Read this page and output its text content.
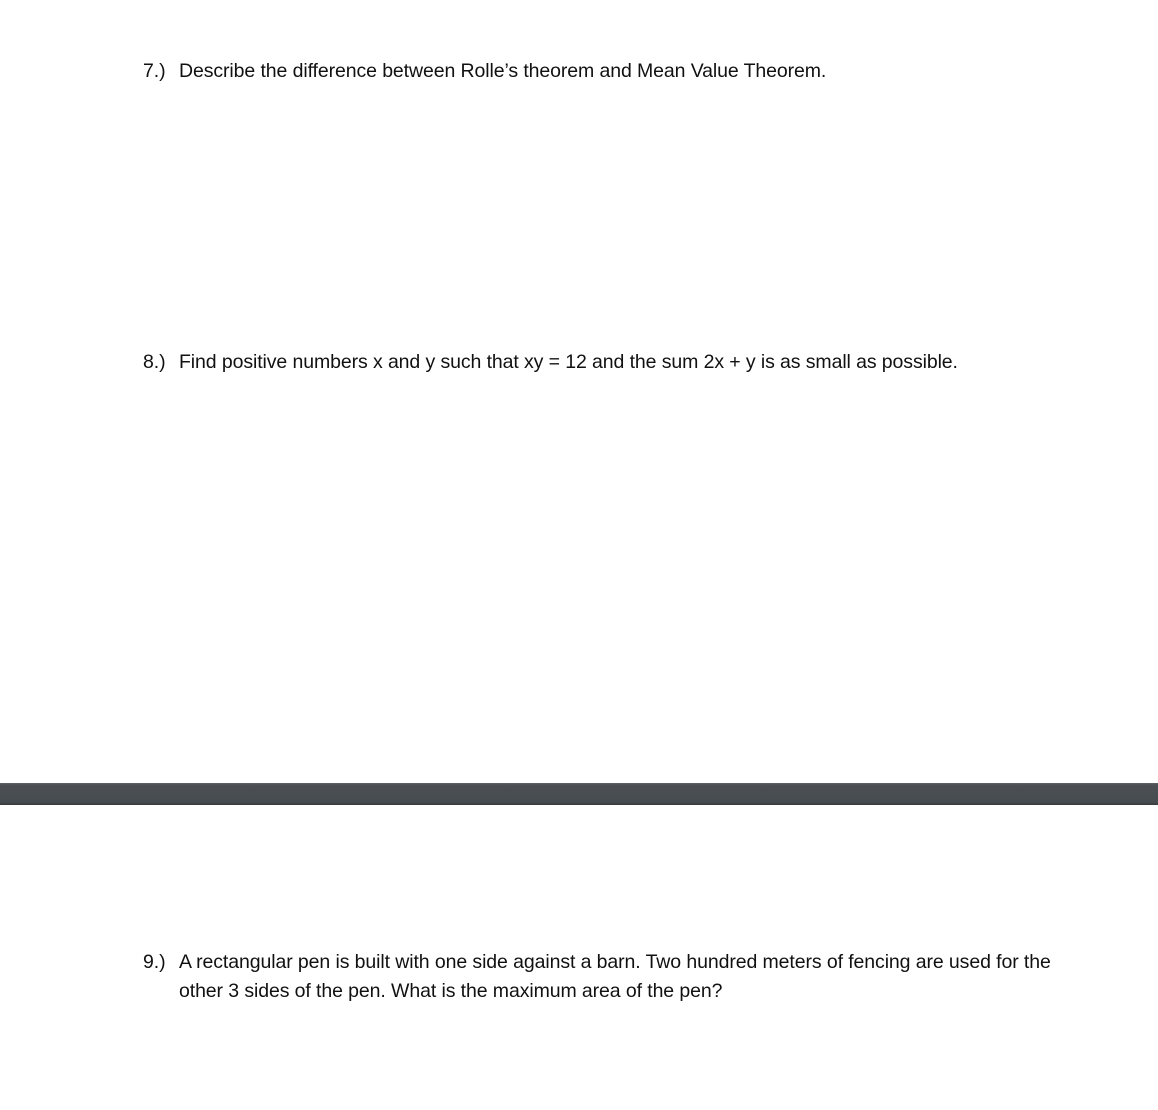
7.) Describe the difference between Rolle’s theorem and Mean Value Theorem.
8.) Find positive numbers x and y such that xy = 12 and the sum 2x + y is as small as possible.
9.) A rectangular pen is built with one side against a barn. Two hundred meters of fencing are used for the other 3 sides of the pen. What is the maximum area of the pen?
